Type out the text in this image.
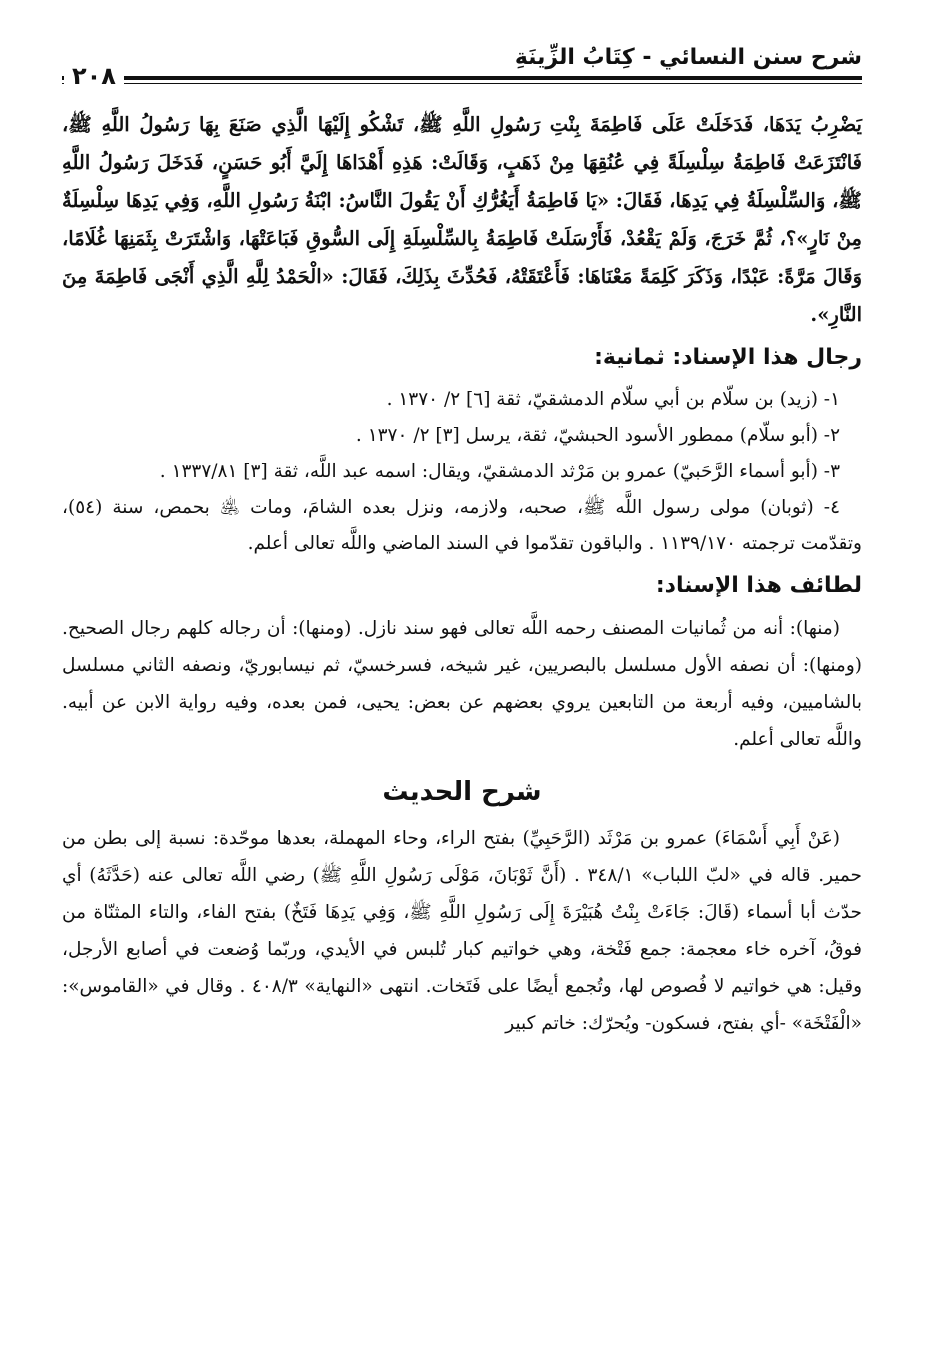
شرح سنن النسائي - كِتَابُ الزِّينَةِ
٢٠٨

يَضْرِبُ يَدَهَا، فَدَخَلَتْ عَلَى فَاطِمَةَ بِنْتِ رَسُولِ اللَّهِ ﷺ، تَشْكُو إِلَيْهَا الَّذِي صَنَعَ بِهَا رَسُولُ اللَّهِ ﷺ، فَانْتَزَعَتْ فَاطِمَةُ سِلْسِلَةً فِي عُنُقِهَا مِنْ ذَهَبٍ، وَقَالَتْ: هَذِهِ أَهْدَاهَا إِلَيَّ أَبُو حَسَنٍ، فَدَخَلَ رَسُولُ اللَّهِ ﷺ، وَالسِّلْسِلَةُ فِي يَدِهَا، فَقَالَ: «يَا فَاطِمَةُ أَيَغُرُّكِ أَنْ يَقُولَ النَّاسُ: ابْنَةُ رَسُولِ اللَّهِ، وَفِي يَدِهَا سِلْسِلَةٌ مِنْ نَارٍ»؟، ثُمَّ خَرَجَ، وَلَمْ يَقْعُدْ، فَأَرْسَلَتْ فَاطِمَةُ بِالسِّلْسِلَةِ إِلَى السُّوقِ فَبَاعَتْهَا، وَاشْتَرَتْ بِثَمَنِهَا غُلَامًا، وَقَالَ مَرَّةً: عَبْدًا، وَذَكَرَ كَلِمَةً مَعْنَاهَا: فَأَعْتَقَتْهُ، فَحُدِّثَ بِذَلِكَ، فَقَالَ: «الْحَمْدُ لِلَّهِ الَّذِي أَنْجَى فَاطِمَةَ مِنَ النَّارِ».

رجال هذا الإسناد: ثمانية:
١- (زيد) بن سلّام بن أبي سلّام الدمشقيّ، ثقة [٦] ٢/ ١٣٧٠ .
٢- (أبو سلّام) ممطور الأسود الحبشيّ، ثقة، يرسل [٣] ٢/ ١٣٧٠ .
٣- (أبو أسماء الرَّحَبيّ) عمرو بن مَرْثد الدمشقيّ، ويقال: اسمه عبد اللَّه، ثقة [٣] ١٣٣٧/٨١ .
٤- (ثوبان) مولى رسول اللَّه ﷺ، صحبه، ولازمه، ونزل بعده الشامَ، ومات ﵁ بحمص، سنة (٥٤)، وتقدّمت ترجمته ١١٣٩/١٧٠ . والباقون تقدّموا في السند الماضي واللَّه تعالى أعلم.
لطائف هذا الإسناد:

(منها): أنه من ثُمانيات المصنف رحمه اللَّه تعالى فهو سند نازل. (ومنها): أن رجاله كلهم رجال الصحيح. (ومنها): أن نصفه الأول مسلسل بالبصريين، غير شيخه، فسرخسيّ، ثم نيسابوريّ، ونصفه الثاني مسلسل بالشاميين، وفيه أربعة من التابعين يروي بعضهم عن بعض: يحيى، فمن بعده، وفيه رواية الابن عن أبيه. واللَّه تعالى أعلم.

شرح الحديث

(عَنْ أَبِي أَسْمَاءَ) عمرو بن مَرْثَد (الرَّحَبِيِّ) بفتح الراء، وحاء المهملة، بعدها موحّدة: نسبة إلى بطن من حمير. قاله في «لبّ اللباب» ٣٤٨/١ . (أَنَّ ثَوْبَانَ، مَوْلَى رَسُولِ اللَّهِ ﷺ) رضي اللَّه تعالى عنه (حَدَّثَهُ) أي حدّث أبا أسماء (قَالَ: جَاءَتْ بِنْتُ هُبَيْرَةَ إِلَى رَسُولِ اللَّهِ ﷺ، وَفِي يَدِهَا فَتَخٌ) بفتح الفاء، والتاء المثنّاة من فوقُ، آخره خاء معجمة: جمع فَتْخة، وهي خواتيم كبار تُلبس في الأيدي، وربّما وُضعت في أصابع الأرجل، وقيل: هي خواتيم لا فُصوص لها، وتُجمع أيضًا على فَتَخات. انتهى «النهاية» ٤٠٨/٣ . وقال في «القاموس»: «الْفَتْخَة» -أي بفتح، فسكون- ويُحرّك: خاتم كبير
